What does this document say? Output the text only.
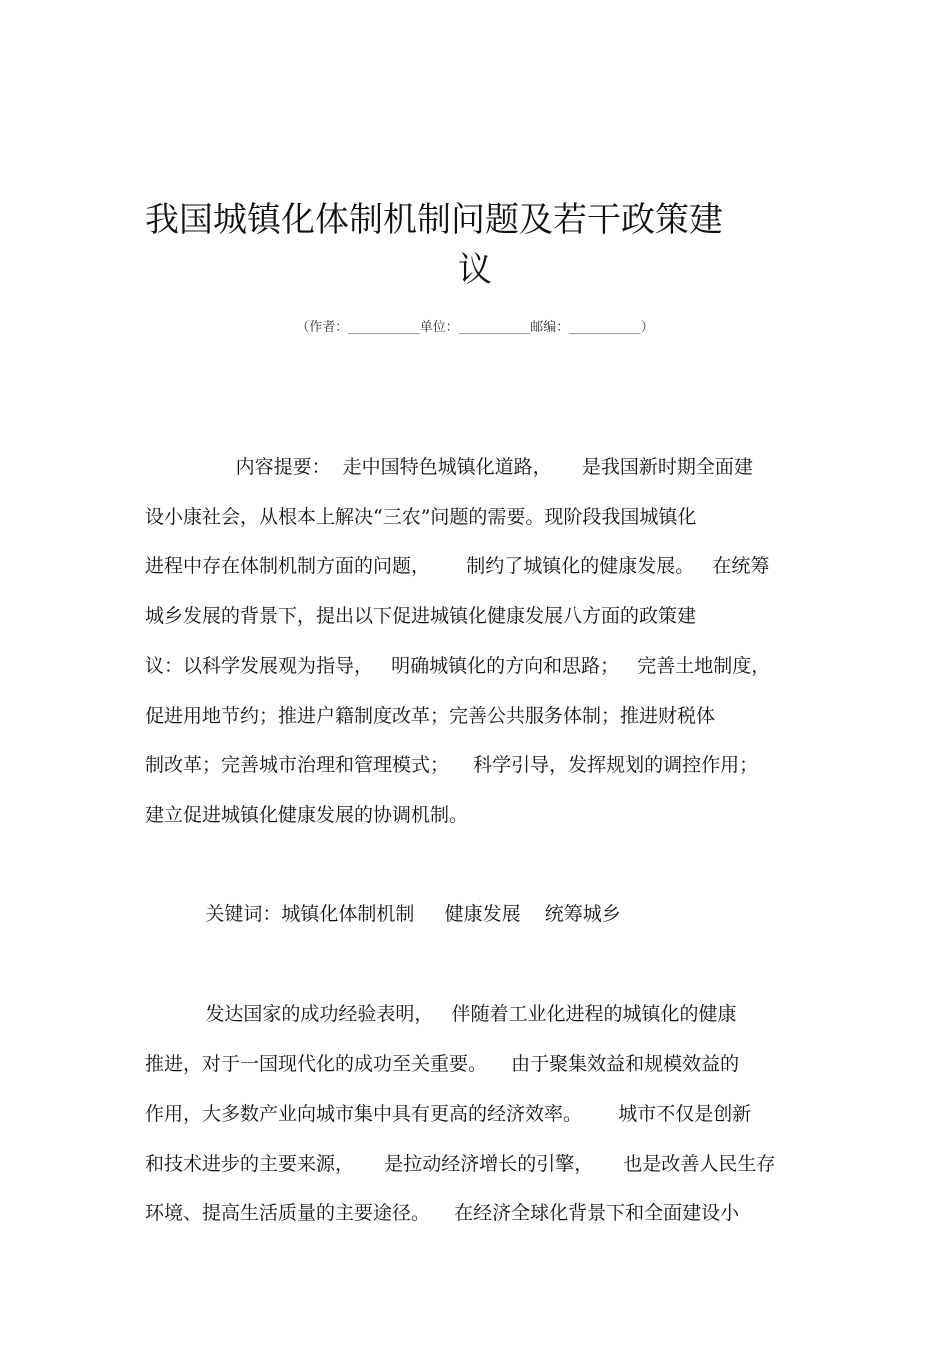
我国城镇化体制机制问题及若干政策建
议
（作者：___________单位：___________邮编：___________）

内容提要：  走中国特色城镇化道路，     是我国新时期全面建

设小康社会，从根本上解决“三农”问题的需要。现阶段我国城镇化

进程中存在体制机制方面的问题，      制约了城镇化的健康发展。   在统筹

城乡发展的背景下，提出以下促进城镇化健康发展八方面的政策建

议：以科学发展观为指导，   明确城镇化的方向和思路；   完善土地制度，

促进用地节约；推进户籍制度改革；完善公共服务体制；推进财税体

制改革；完善城市治理和管理模式；    科学引导，发挥规划的调控作用；

建立促进城镇化健康发展的协调机制。

关键词：城镇化体制机制     健康发展    统筹城乡

发达国家的成功经验表明，   伴随着工业化进程的城镇化的健康

推进，对于一国现代化的成功至关重要。    由于聚集效益和规模效益的

作用，大多数产业向城市集中具有更高的经济效率。      城市不仅是创新

和技术进步的主要来源，     是拉动经济增长的引擎，     也是改善人民生存

环境、提高生活质量的主要途径。    在经济全球化背景下和全面建设小
